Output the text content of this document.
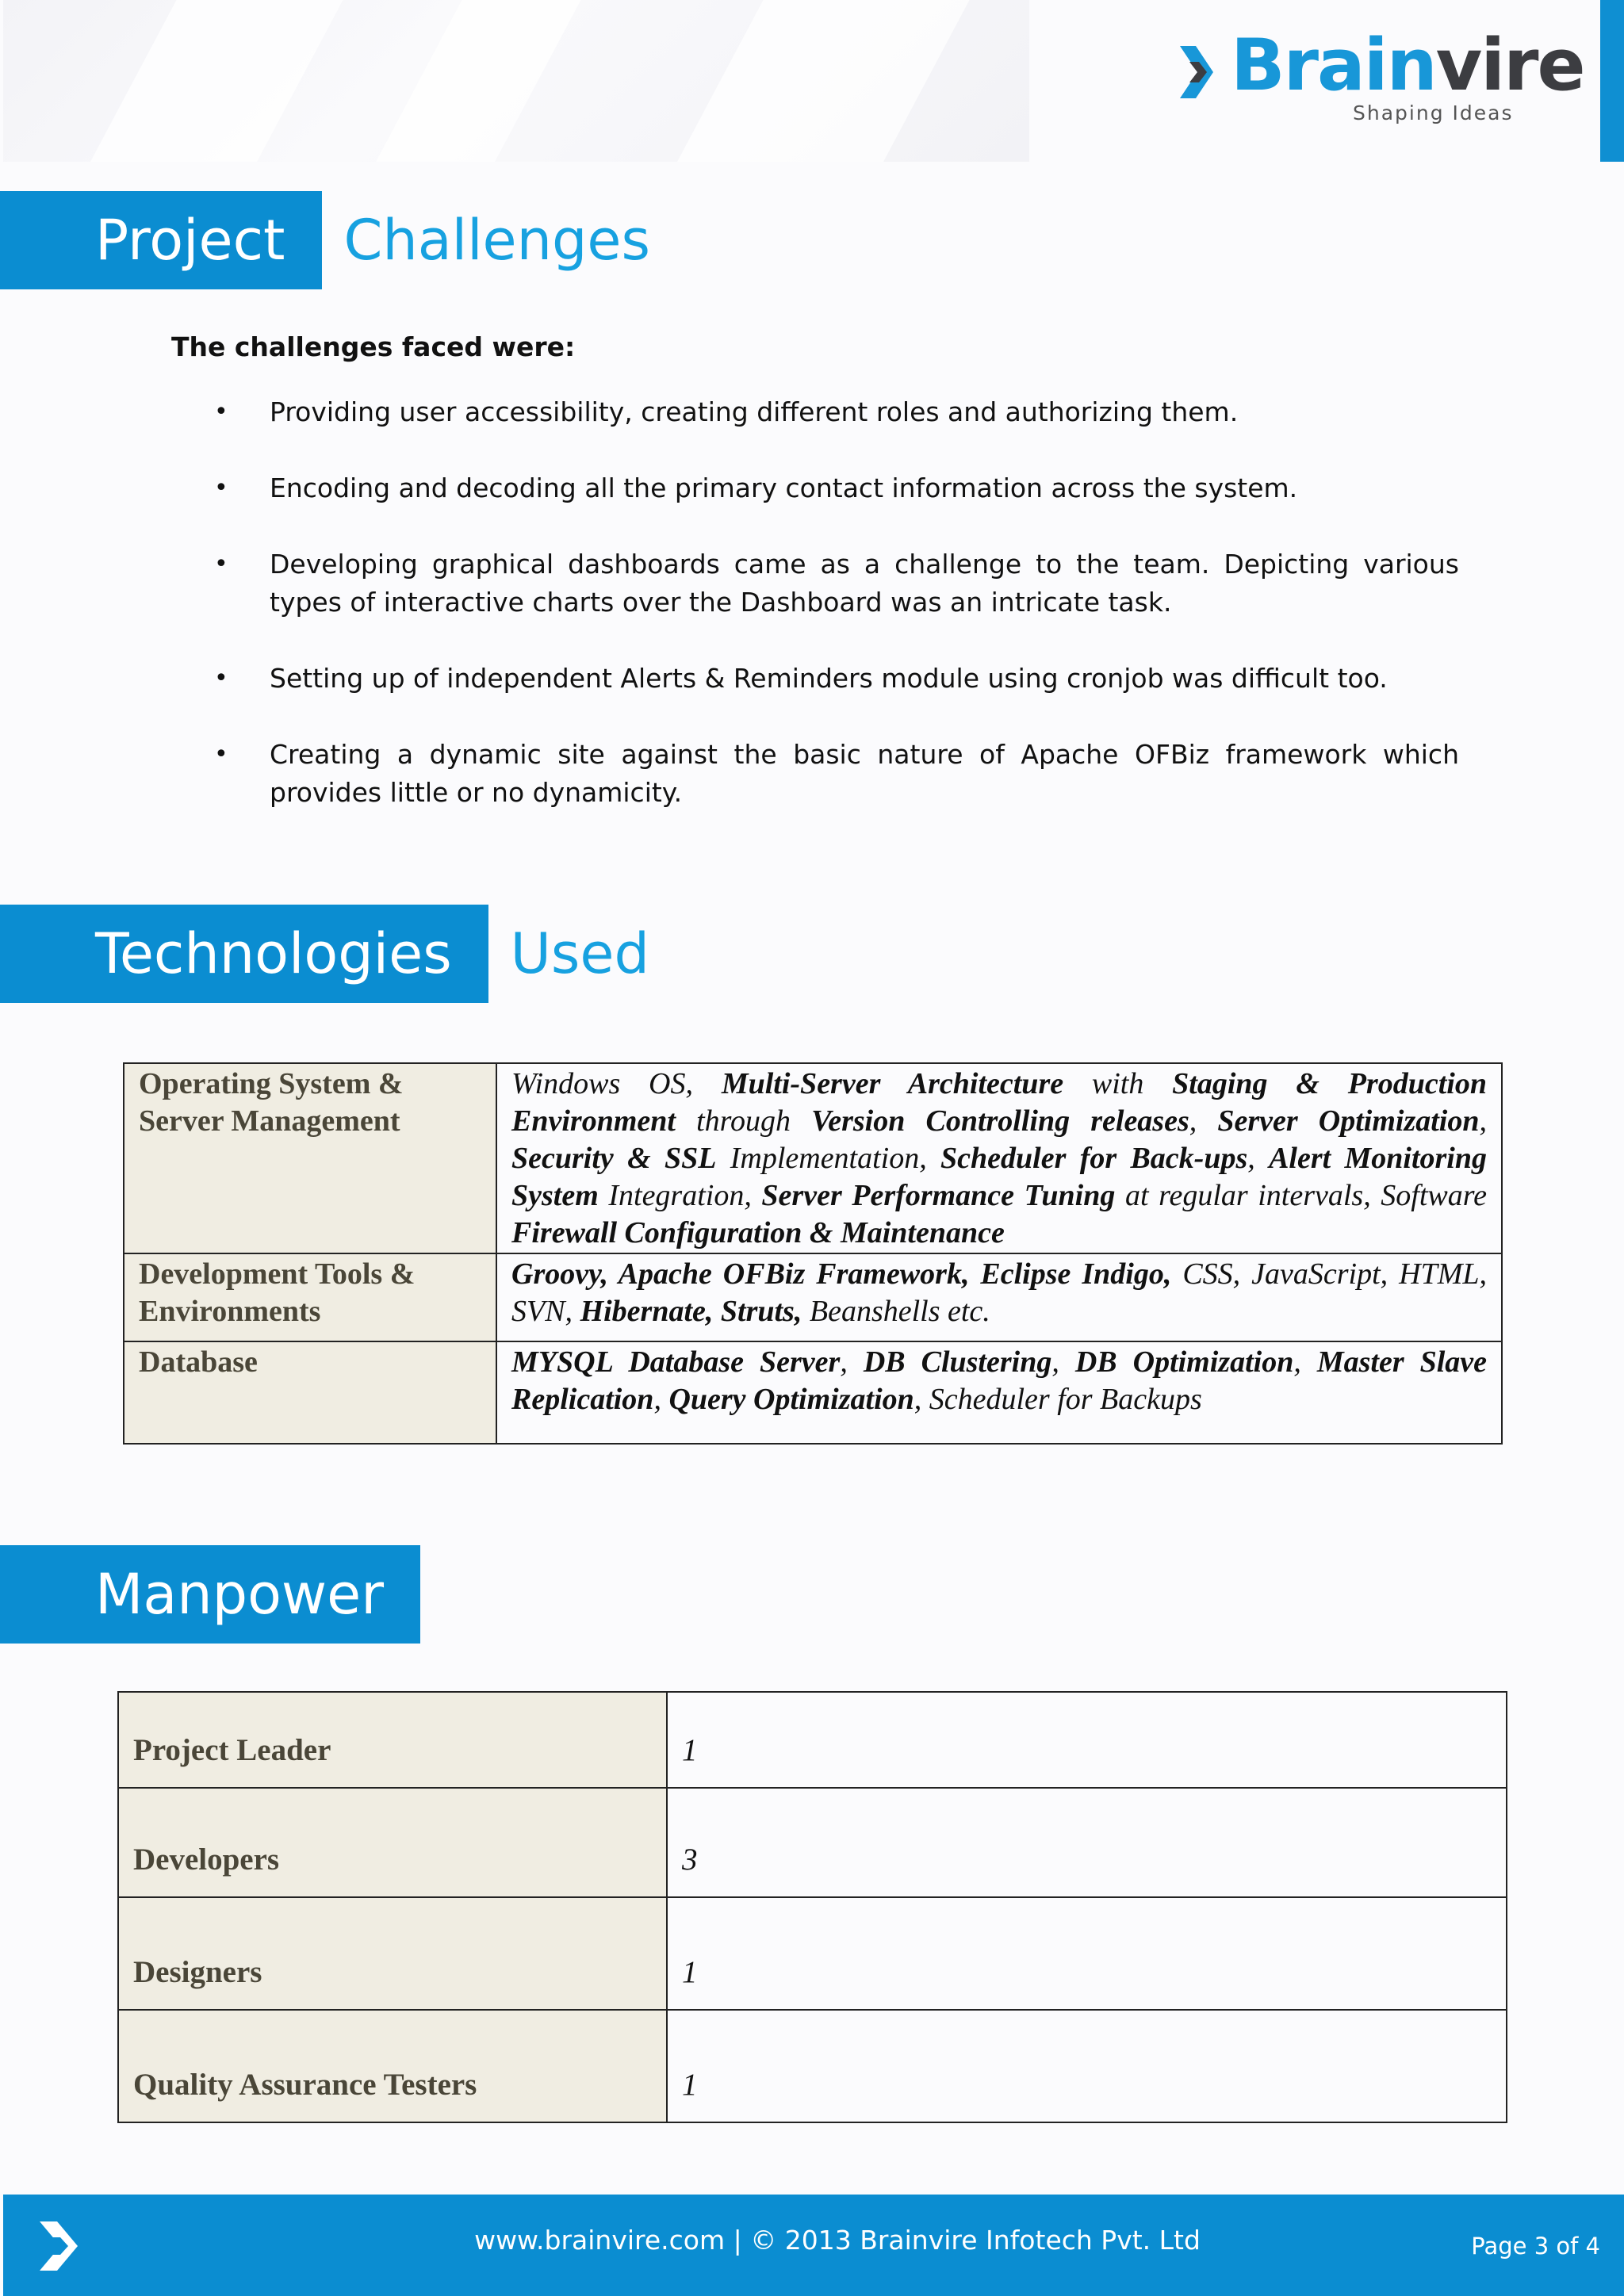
Brainvire
Shaping Ideas
Project	Challenges
The challenges faced were:
• Providing user accessibility, creating different roles and authorizing them.
• Encoding and decoding all the primary contact information across the system.
• Developing graphical dashboards came as a challenge to the team. Depicting various types of interactive charts over the Dashboard was an intricate task.
• Setting up of independent Alerts & Reminders module using cronjob was difficult too.
• Creating a dynamic site against the basic nature of Apache OFBiz framework which provides little or no dynamicity.
Technologies	Used
Operating System & Server Management	Windows OS, Multi-Server Architecture with Staging & Production Environment through Version Controlling releases, Server Optimization, Security & SSL Implementation, Scheduler for Back-ups, Alert Monitoring System Integration, Server Performance Tuning at regular intervals, Software Firewall Configuration & Maintenance
Development Tools & Environments	Groovy, Apache OFBiz Framework, Eclipse Indigo, CSS, JavaScript, HTML, SVN, Hibernate, Struts, Beanshells etc.
Database	MYSQL Database Server, DB Clustering, DB Optimization, Master Slave Replication, Query Optimization, Scheduler for Backups
Manpower
Project Leader	1
Developers	3
Designers	1
Quality Assurance Testers	1
www.brainvire.com | © 2013 Brainvire Infotech Pvt. Ltd	Page 3 of 4
